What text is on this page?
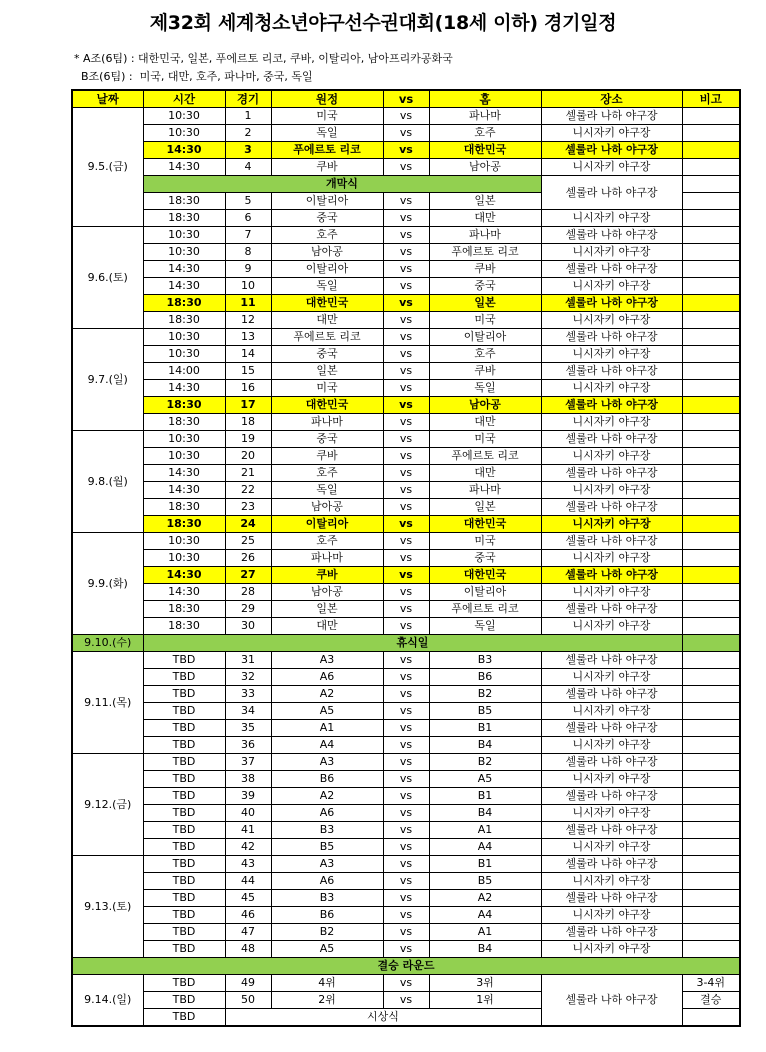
제32회 세계청소년야구선수권대회(18세 이하) 경기일정
* A조(6팀) : 대한민국, 일본, 푸에르토 리코, 쿠바, 이탈리아, 남아프리카공화국
B조(6팀) :  미국, 대만, 호주, 파나마, 중국, 독일
날짜	시간	경기	원정	vs	홈	장소	비고
9.5.(금)	10:30	1	미국	vs	파나마	셀룰라 나하 야구장	
	10:30	2	독일	vs	호주	니시자키 야구장	
	14:30	3	푸에르토 리코	vs	대한민국	셀룰라 나하 야구장	
	14:30	4	쿠바	vs	남아공	니시자키 야구장	
	개막식					셀룰라 나하 야구장	
	18:30	5	이탈리아	vs	일본		
	18:30	6	중국	vs	대만	니시자키 야구장	
9.6.(토)	10:30	7	호주	vs	파나마	셀룰라 나하 야구장	
	10:30	8	남아공	vs	푸에르토 리코	니시자키 야구장	
	14:30	9	이탈리아	vs	쿠바	셀룰라 나하 야구장	
	14:30	10	독일	vs	중국	니시자키 야구장	
	18:30	11	대한민국	vs	일본	셀룰라 나하 야구장	
	18:30	12	대만	vs	미국	니시자키 야구장	
9.7.(일)	10:30	13	푸에르토 리코	vs	이탈리아	셀룰라 나하 야구장	
	10:30	14	중국	vs	호주	니시자키 야구장	
	14:00	15	일본	vs	쿠바	셀룰라 나하 야구장	
	14:30	16	미국	vs	독일	니시자키 야구장	
	18:30	17	대한민국	vs	남아공	셀룰라 나하 야구장	
	18:30	18	파나마	vs	대만	니시자키 야구장	
9.8.(월)	10:30	19	중국	vs	미국	셀룰라 나하 야구장	
	10:30	20	쿠바	vs	푸에르토 리코	니시자키 야구장	
	14:30	21	호주	vs	대만	셀룰라 나하 야구장	
	14:30	22	독일	vs	파나마	니시자키 야구장	
	18:30	23	남아공	vs	일본	셀룰라 나하 야구장	
	18:30	24	이탈리아	vs	대한민국	니시자키 야구장	
9.9.(화)	10:30	25	호주	vs	미국	셀룰라 나하 야구장	
	10:30	26	파나마	vs	중국	니시자키 야구장	
	14:30	27	쿠바	vs	대한민국	셀룰라 나하 야구장	
	14:30	28	남아공	vs	이탈리아	니시자키 야구장	
	18:30	29	일본	vs	푸에르토 리코	셀룰라 나하 야구장	
	18:30	30	대만	vs	독일	니시자키 야구장	
9.10.(수)	휴식일						
9.11.(목)	TBD	31	A3	vs	B3	셀룰라 나하 야구장	
	TBD	32	A6	vs	B6	니시자키 야구장	
	TBD	33	A2	vs	B2	셀룰라 나하 야구장	
	TBD	34	A5	vs	B5	니시자키 야구장	
	TBD	35	A1	vs	B1	셀룰라 나하 야구장	
	TBD	36	A4	vs	B4	니시자키 야구장	
9.12.(금)	TBD	37	A3	vs	B2	셀룰라 나하 야구장	
	TBD	38	B6	vs	A5	니시자키 야구장	
	TBD	39	A2	vs	B1	셀룰라 나하 야구장	
	TBD	40	A6	vs	B4	니시자키 야구장	
	TBD	41	B3	vs	A1	셀룰라 나하 야구장	
	TBD	42	B5	vs	A4	니시자키 야구장	
9.13.(토)	TBD	43	A3	vs	B1	셀룰라 나하 야구장	
	TBD	44	A6	vs	B5	니시자키 야구장	
	TBD	45	B3	vs	A2	셀룰라 나하 야구장	
	TBD	46	B6	vs	A4	니시자키 야구장	
	TBD	47	B2	vs	A1	셀룰라 나하 야구장	
	TBD	48	A5	vs	B4	니시자키 야구장	
결승 라운드							
9.14.(일)	TBD	49	4위	vs	3위	셀룰라 나하 야구장	3-4위
	TBD	50	2위	vs	1위		결승
	TBD	시상식					
